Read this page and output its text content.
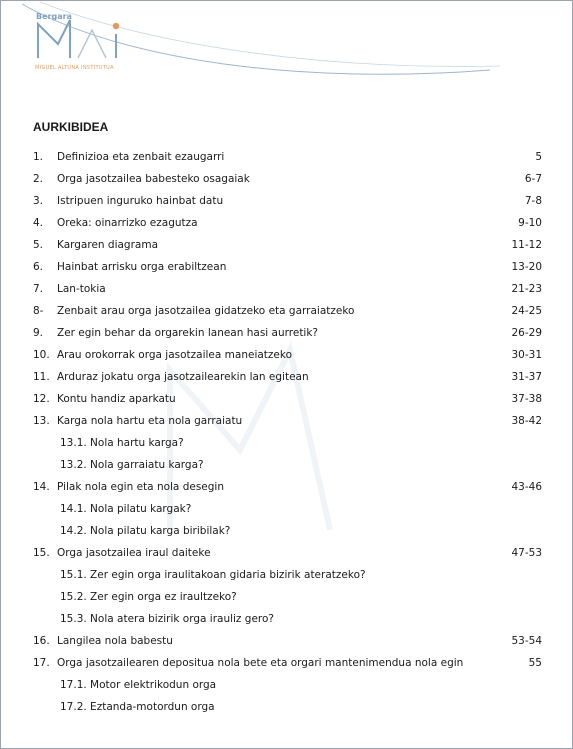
Bergara
MIGUEL ALTUNA INSTITUTUA
AURKIBIDEA
1. Definizioa eta zenbait ezaugarri	5
2. Orga jasotzailea babesteko osagaiak	6-7
3. Istripuen inguruko hainbat datu	7-8
4. Oreka: oinarrizko ezagutza	9-10
5. Kargaren diagrama	11-12
6. Hainbat arrisku orga erabiltzean	13-20
7. Lan-tokia	21-23
8- Zenbait arau orga jasotzailea gidatzeko eta garraiatzeko	24-25
9. Zer egin behar da orgarekin lanean hasi aurretik?	26-29
10. Arau orokorrak orga jasotzailea maneiatzeko	30-31
11. Arduraz jokatu orga jasotzailearekin lan egitean	31-37
12. Kontu handiz aparkatu	37-38
13. Karga nola hartu eta nola garraiatu	38-42
13.1. Nola hartu karga?
13.2. Nola garraiatu karga?
14. Pilak nola egin eta nola desegin	43-46
14.1. Nola pilatu kargak?
14.2. Nola pilatu karga biribilak?
15. Orga jasotzailea iraul daiteke	47-53
15.1. Zer egin orga iraulitakoan gidaria bizirik ateratzeko?
15.2. Zer egin orga ez iraultzeko?
15.3. Nola atera bizirik orga irauliz gero?
16. Langilea nola babestu	53-54
17. Orga jasotzailearen depositua nola bete eta orgari mantenimendua nola egin	55
17.1. Motor elektrikodun orga
17.2. Eztanda-motordun orga
